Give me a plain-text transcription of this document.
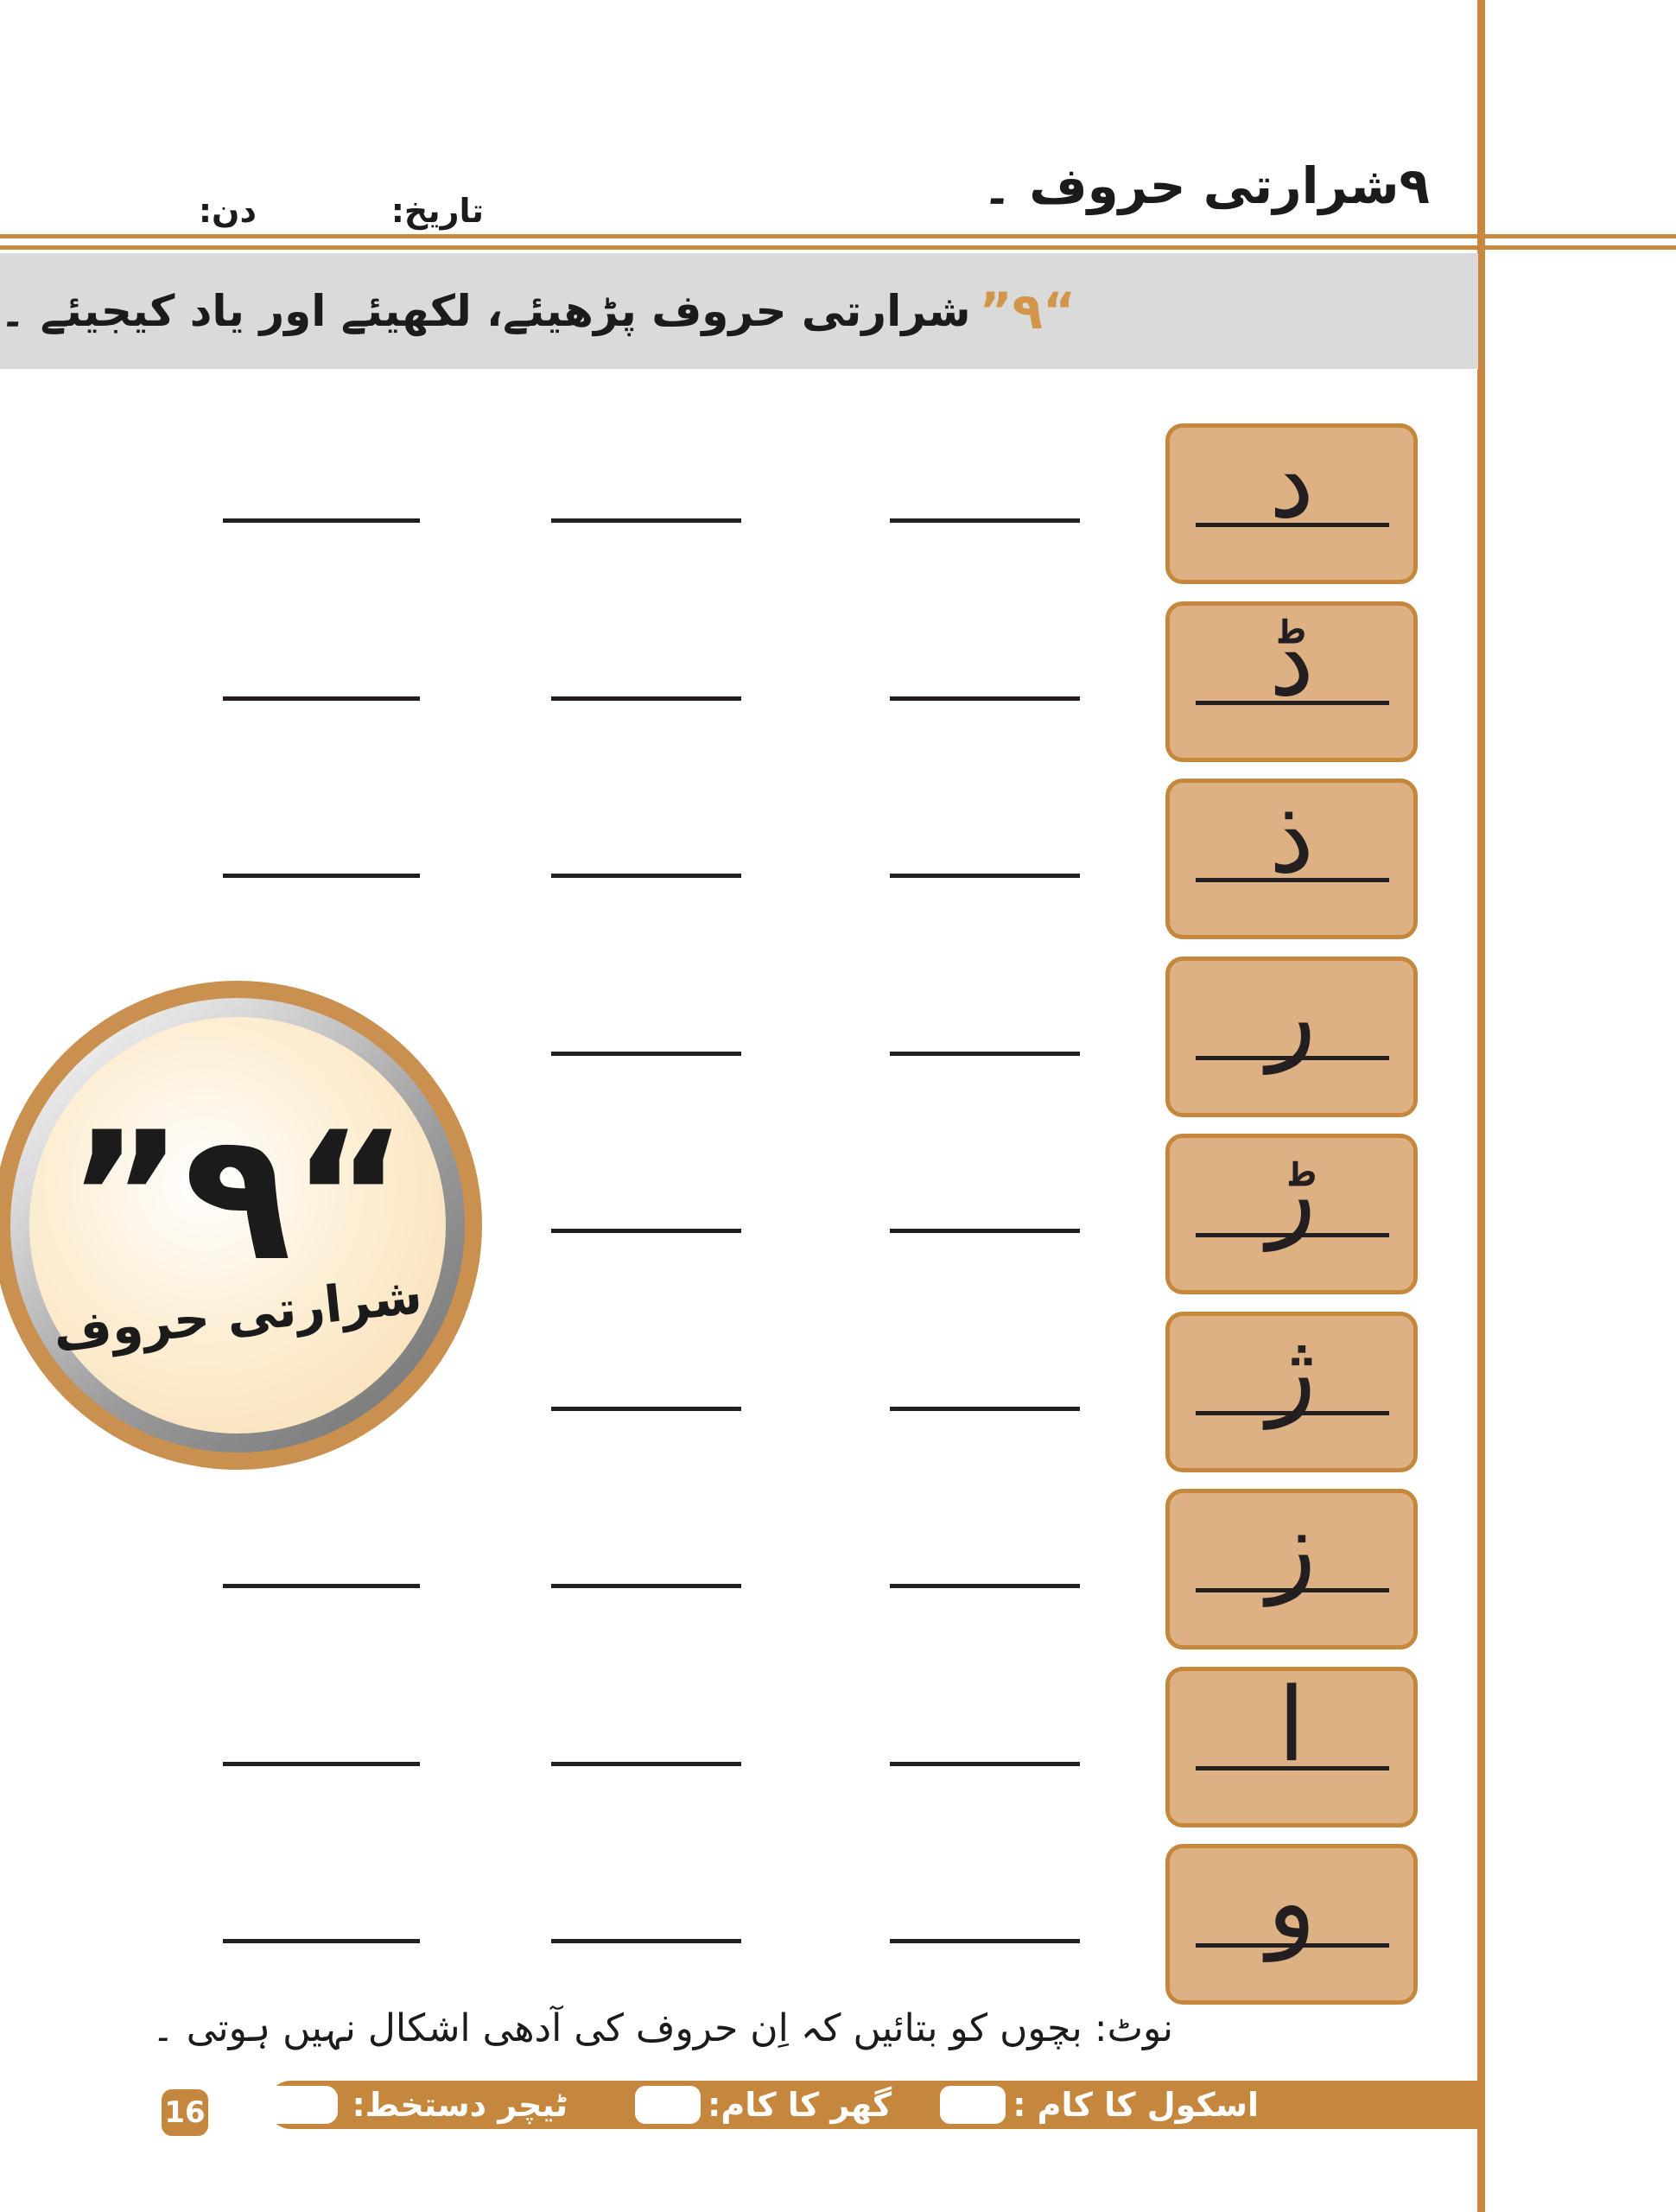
۹شرارتی حروف ۔
تاریخ:
دن:
“۹”
شرارتی حروف پڑھیئے، لکھیئے اور یاد کیجیئے ۔
د
ڈ
ذ
ر
ڑ
ژ
ز
ا
و
“۹”
شرارتی حروف
نوٹ: بچوں کو بتائیں کہ اِن حروف کی آدھی اشکال نہیں ہوتی ۔
اسکول کا کام :
گھر کا کام:
ٹیچر دستخط:
16
